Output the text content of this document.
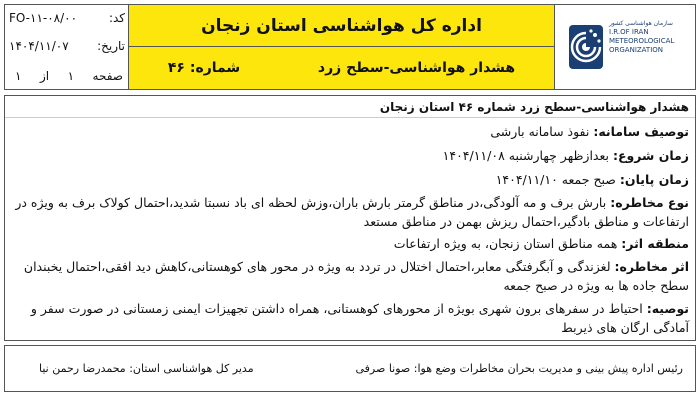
کد:
FO-۱۱-۰۸/۰۰
تاریخ:
۱۴۰۴/۱۱/۰۷
صفحه
۱
از
۱
اداره کل هواشناسی استان زنجان
هشدار هواشناسی-سطح زرد
شماره: ۴۶
سازمان هواشناسی کشور
I.R.OF IRAN
METEOROLOGICAL
ORGANIZATION
هشدار هواشناسی-سطح زرد شماره ۴۶ استان زنجان
توصیف سامانه: نفوذ سامانه بارشی
زمان شروع: بعدازظهر چهارشنبه ۱۴۰۴/۱۱/۰۸
زمان پایان: صبح جمعه ۱۴۰۴/۱۱/۱۰
نوع مخاطره: بارش برف و مه آلودگی،در مناطق گرمتر بارش باران،وزش لحظه ای باد نسبتا شدید،احتمال کولاک برف به ویژه در ارتفاعات و مناطق بادگیر،احتمال ریزش بهمن در مناطق مستعد
منطقه اثر: همه مناطق استان زنجان، به ویژه ارتفاعات
اثر مخاطره: لغزندگی و آبگرفتگی معابر،احتمال اختلال در تردد به ویژه در محور های کوهستانی،کاهش دید افقی،احتمال یخبندان سطح جاده ها به ویژه در صبح جمعه
توصیه: احتیاط در سفرهای برون شهری بویژه از محورهای کوهستانی، همراه داشتن تجهیزات ایمنی زمستانی در صورت سفر و آمادگی ارگان های ذیربط
رئیس اداره پیش بینی و مدیریت بحران مخاطرات وضع هوا: صونا صرفی
مدیر کل هواشناسی استان: محمدرضا رحمن نیا
